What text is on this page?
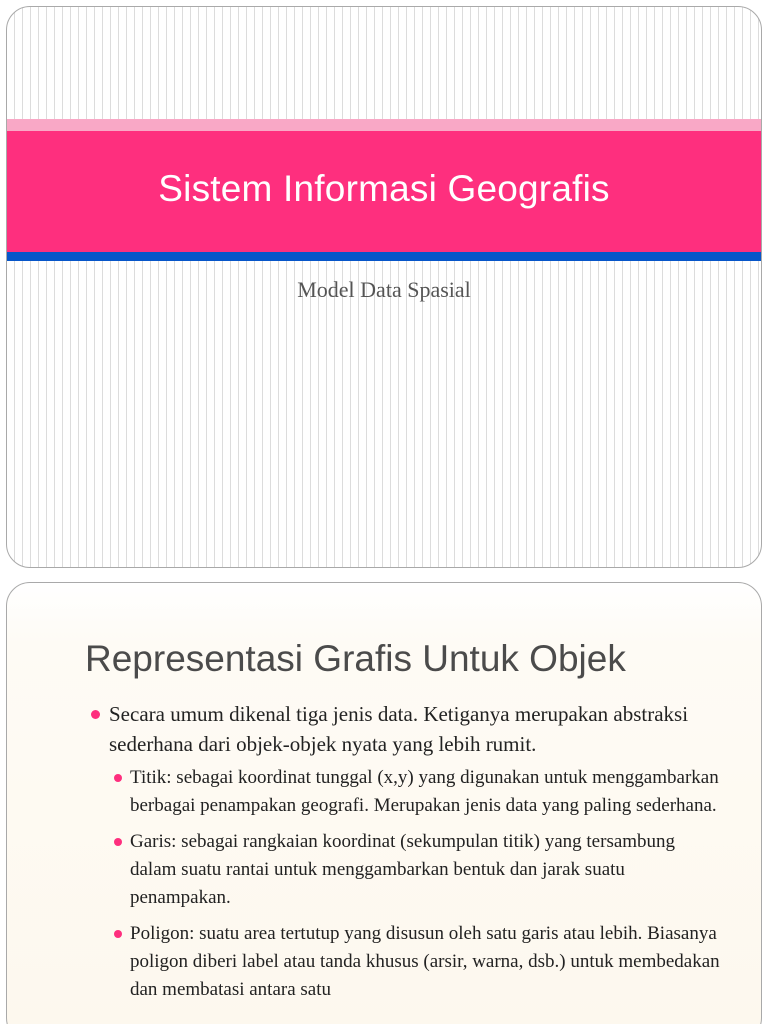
Sistem Informasi Geografis
Model Data Spasial
Representasi Grafis Untuk Objek
Secara umum dikenal tiga jenis data. Ketiganya merupakan abstraksi sederhana dari objek-objek nyata yang lebih rumit.
Titik: sebagai koordinat tunggal (x,y) yang digunakan untuk menggambarkan berbagai penampakan geografi. Merupakan jenis data yang paling sederhana.
Garis: sebagai rangkaian koordinat (sekumpulan titik) yang tersambung dalam suatu rantai untuk menggambarkan bentuk dan jarak suatu penampakan.
Poligon: suatu area tertutup yang disusun oleh satu garis atau lebih. Biasanya poligon diberi label atau tanda khusus (arsir, warna, dsb.) untuk membedakan dan membatasi antara satu
